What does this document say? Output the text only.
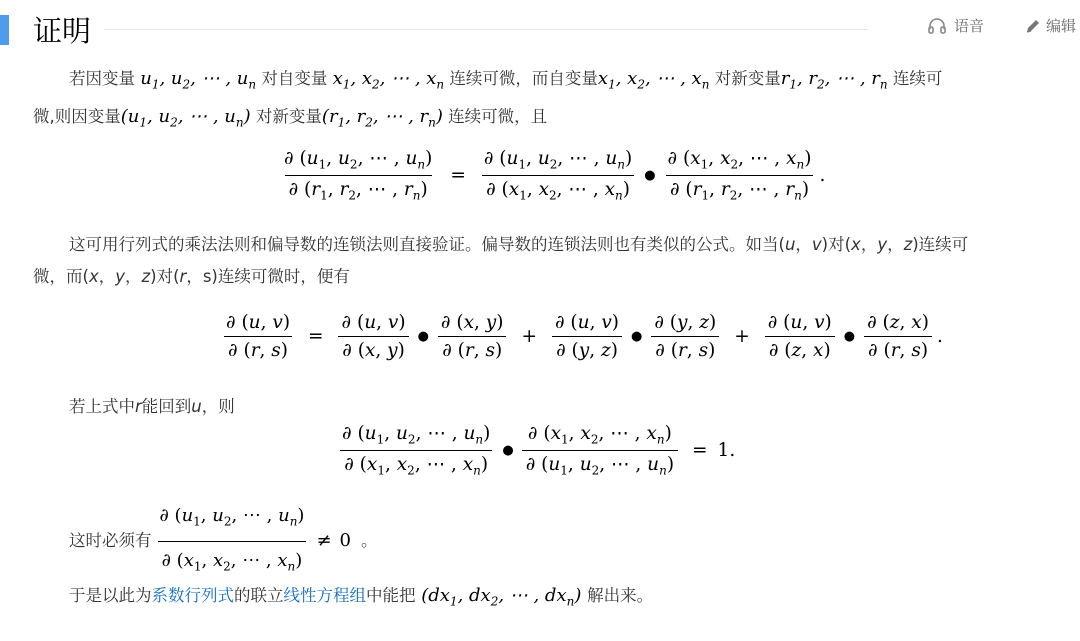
证明	语音	编辑
若因变量 $u_1$, $u_2$, ⋯ , $u_n$ 对自变量 $x_1$, $x_2$, ⋯ , $x_n$ 连续可微，而自变量$x_1$, $x_2$, ⋯ , $x_n$ 对新变量$r_1$, $r_2$, ⋯ , $r_n$ 连续可
微,则因变量($u_1$, $u_2$, ⋯ , $u_n$) 对新变量($r_1$, $r_2$, ⋯ , $r_n$) 连续可微，且
$\frac{\partial (u_1, u_2, \cdots , u_n)}{\partial (r_1, r_2, \cdots , r_n)} = \frac{\partial (u_1, u_2, \cdots , u_n)}{\partial (x_1, x_2, \cdots , x_n)}$ ● $\frac{\partial (x_1, x_2, \cdots , x_n)}{\partial (r_1, r_2, \cdots , r_n)}$ .
这可用行列式的乘法法则和偏导数的连锁法则直接验证。偏导数的连锁法则也有类似的公式。如当(u，v)对(x，y，z)连续可
微，而(x，y，z)对(r，s)连续可微时，便有
$\frac{\partial (u, v)}{\partial (r, s)} = \frac{\partial (u, v)}{\partial (x, y)}$ ● $\frac{\partial (x, y)}{\partial (r, s)} + \frac{\partial (u, v)}{\partial (y, z)}$ ● $\frac{\partial (y, z)}{\partial (r, s)} + \frac{\partial (u, v)}{\partial (z, x)}$ ● $\frac{\partial (z, x)}{\partial (r, s)}$ .
若上式中r能回到u，则
$\frac{\partial (u_1, u_2, \cdots , u_n)}{\partial (x_1, x_2, \cdots , x_n)}$ ● $\frac{\partial (x_1, x_2, \cdots , x_n)}{\partial (u_1, u_2, \cdots , u_n)} = 1$.
这时必须有 $\frac{\partial (u_1, u_2, \cdots , u_n)}{\partial (x_1, x_2, \cdots , x_n)} \ne 0$ 。
于是以此为系数行列式的联立线性方程组中能把 ($dx_1$, $dx_2$, ⋯ , $dx_n$) 解出来。
